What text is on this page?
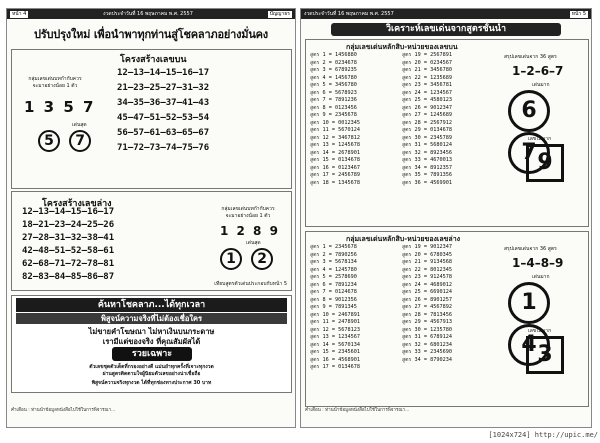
หน้า 4	งวดประจำวันที่ 16 พฤษภาคม พ.ศ. 2557	ปัญญาธร
ปรับปรุงใหม่ เพื่อนำพาทุกท่านสู่โชคลาภอย่างมั่นคง
โครงสร้างเลขบน
กลุ่มเลขเด่นบทกำกับควร
จะมาอย่างน้อย 1 ตัว
1 3 5 7
เด่นสุด
5 7
12–13–14–15–16–17
21–23–25–27–31–32
34–35–36–37–41–43
45–47–51–52–53–54
56–57–61–63–65–67
71–72–73–74–75–76
โครงสร้างเลขล่าง
12–13–14–15–16–17
18–21–23–24–25–26
27–28–31–32–38–41
42–48–51–52–58–61
62–68–71–72–78–81
82–83–84–85–86–87
กลุ่มเลขเด่นบทกำกับควร
จะมาอย่างน้อย 1 ตัว
1 2 8 9
เด่นสุด
1 2
เทียบสูตรตัวเด่นประกอบกับหน้า 5
ค้นหาโชคลาภ...ได้ทุกเวลา
พิสูจน์ความจริงที่ไม่ต้องเชื่อใคร
ไม่ขายคำโฆษณา ไม่หาเงินบนกระดาษ
เรามีแต่ของจริง ที่คุณสัมผัสได้
รวยเฉพาะ
ตัวเลขชุดตัวเด็ดที่กรองอย่างดี แม่นยำทุกครั้งที่เจาะทุกงวด
ผ่านสูตรติดตามใจผู้นิยมตัวเลขอย่างน่าเชื่อถือ
พิสูจน์ความจริงทุกงวด ได้ที่ทุกช่องทางประกาศ 30 บาท
คำเตือน : ท่านนำข้อมูลหนังสือไปใช้ในการพิจารณา...
งวดประจำวันที่ 16 พฤษภาคม พ.ศ. 2557	หน้า 5
วิเคราะห์เลขเด่นจากสูตรชั้นนำ
กลุ่มเลขเด่นหลักสิบ-หน่วยของเลขบน
สูตร 1 = 1456880
สูตร 2 = 0234678
สูตร 3 = 6789235
สูตร 4 = 1456780
สูตร 5 = 3456780
สูตร 6 = 5678923
สูตร 7 = 7891236
สูตร 8 = 0123456
สูตร 9 = 2345678
สูตร 10 = 0012345
สูตร 11 = 5670124
สูตร 12 = 3467812
สูตร 13 = 1245678
สูตร 14 = 2678901
สูตร 15 = 0134678
สูตร 16 = 0123467
สูตร 17 = 2456789
สูตร 18 = 1345678
สูตร 19 = 2567891
สูตร 20 = 0234567
สูตร 21 = 3456780
สูตร 22 = 1235689
สูตร 23 = 3456781
สูตร 24 = 1234567
สูตร 25 = 4580123
สูตร 26 = 9012347
สูตร 27 = 1245689
สูตร 28 = 2567912
สูตร 29 = 0134678
สูตร 30 = 2345789
สูตร 31 = 5680124
สูตร 32 = 8923456
สูตร 33 = 4670013
สูตร 34 = 8912357
สูตร 35 = 7891356
สูตร 36 = 4569901
สรุปเลขเด่นจาก 36 สูตร
1–2–6–7
เด่นมาก
6 7
เลขไม่มาก
9
กลุ่มเลขเด่นหลักสิบ-หน่วยของเลขล่าง
สูตร 1 = 2345678
สูตร 2 = 7890256
สูตร 3 = 5678134
สูตร 4 = 1245780
สูตร 5 = 2578690
สูตร 6 = 7891234
สูตร 7 = 0124678
สูตร 8 = 9012356
สูตร 9 = 7891345
สูตร 10 = 2467891
สูตร 11 = 2478901
สูตร 12 = 5678123
สูตร 13 = 1234567
สูตร 14 = 5670134
สูตร 15 = 2345601
สูตร 16 = 4568901
สูตร 17 = 0134678
สูตร 19 = 9012347
สูตร 20 = 6780345
สูตร 21 = 9134568
สูตร 22 = 8012345
สูตร 23 = 9124578
สูตร 24 = 4689012
สูตร 25 = 6690124
สูตร 26 = 8901257
สูตร 27 = 4567892
สูตร 28 = 7813456
สูตร 29 = 4567913
สูตร 30 = 1235780
สูตร 31 = 6789124
สูตร 32 = 6801234
สูตร 33 = 2345690
สูตร 34 = 8790234
สรุปเลขเด่นจาก 36 สูตร
1–4–8–9
เด่นมาก
1 4
เลขไม่มาก
3
คำเตือน : ท่านนำข้อมูลหนังสือไปใช้ในการพิจารณา...
[1024x724] http://upic.me/
